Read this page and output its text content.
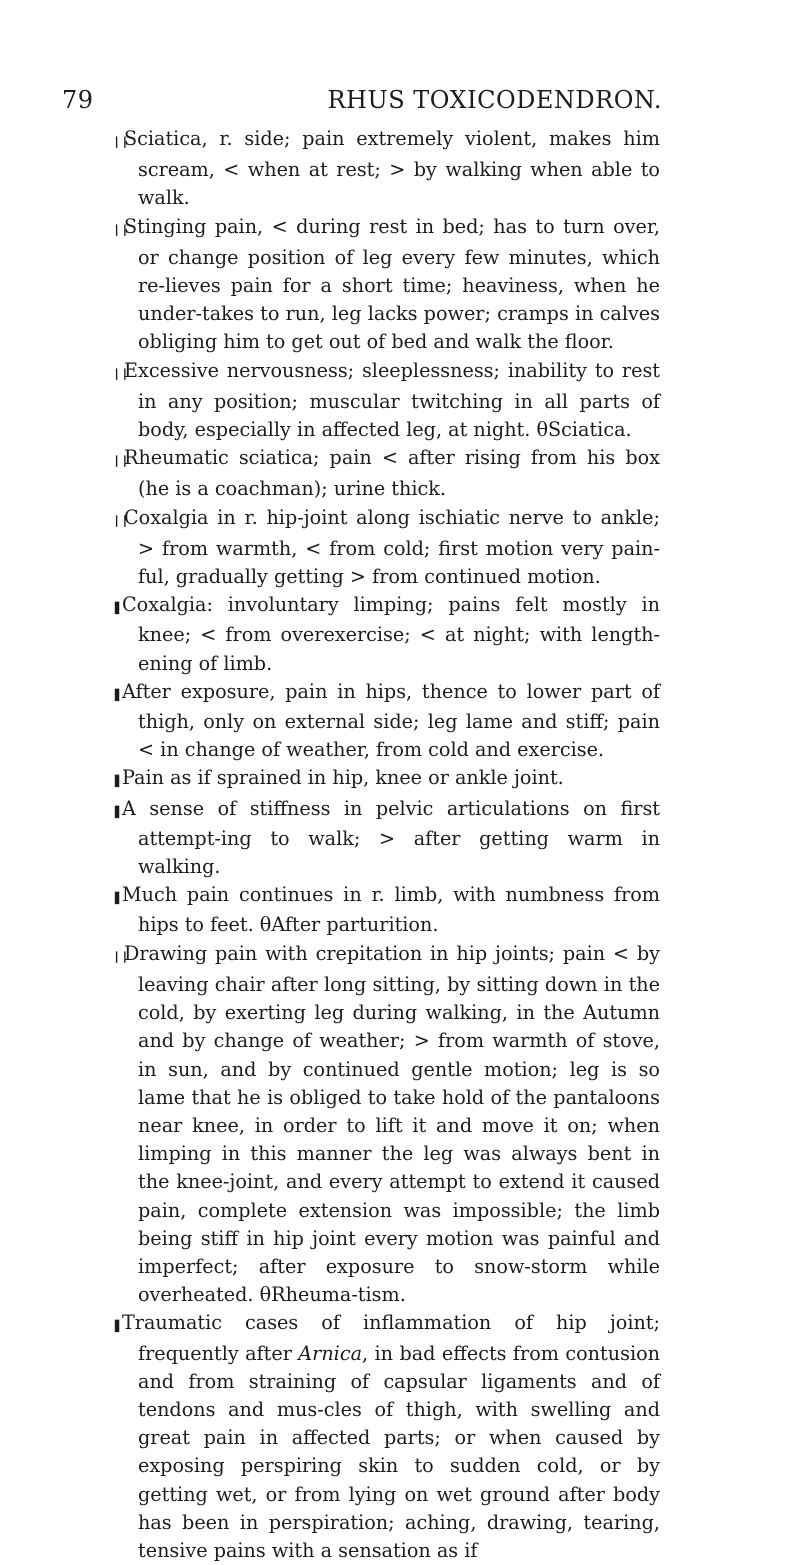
79	RHUS TOXICODENDRON.

❘❘Sciatica, r. side; pain extremely violent, makes him scream, < when at rest; > by walking when able to walk.

❘❘Stinging pain, < during rest in bed; has to turn over, or change position of leg every few minutes, which re-lieves pain for a short time; heaviness, when he under-takes to run, leg lacks power; cramps in calves obliging him to get out of bed and walk the floor.

❘❘Excessive nervousness; sleeplessness; inability to rest in any position; muscular twitching in all parts of body, especially in affected leg, at night. θSciatica.

❘❘Rheumatic sciatica; pain < after rising from his box (he is a coachman); urine thick.

❘❘Coxalgia in r. hip-joint along ischiatic nerve to ankle; > from warmth, < from cold; first motion very pain-ful, gradually getting > from continued motion.

❚Coxalgia: involuntary limping; pains felt mostly in knee; < from overexercise; < at night; with length-ening of limb.

❚After exposure, pain in hips, thence to lower part of thigh, only on external side; leg lame and stiff; pain < in change of weather, from cold and exercise.

❚Pain as if sprained in hip, knee or ankle joint.

❚A sense of stiffness in pelvic articulations on first attempt-ing to walk; > after getting warm in walking.

❚Much pain continues in r. limb, with numbness from hips to feet. θAfter parturition.

❘❘Drawing pain with crepitation in hip joints; pain < by leaving chair after long sitting, by sitting down in the cold, by exerting leg during walking, in the Autumn and by change of weather; > from warmth of stove, in sun, and by continued gentle motion; leg is so lame that he is obliged to take hold of the pantaloons near knee, in order to lift it and move it on; when limping in this manner the leg was always bent in the knee-joint, and every attempt to extend it caused pain, complete extension was impossible; the limb being stiff in hip joint every motion was painful and imperfect; after exposure to snow-storm while overheated. θRheuma-tism.

❚Traumatic cases of inflammation of hip joint; frequently after Arnica, in bad effects from contusion and from straining of capsular ligaments and of tendons and mus-cles of thigh, with swelling and great pain in affected parts; or when caused by exposing perspiring skin to sudden cold, or by getting wet, or from lying on wet ground after body has been in perspiration; aching, drawing, tearing, tensive pains with a sensation as if
